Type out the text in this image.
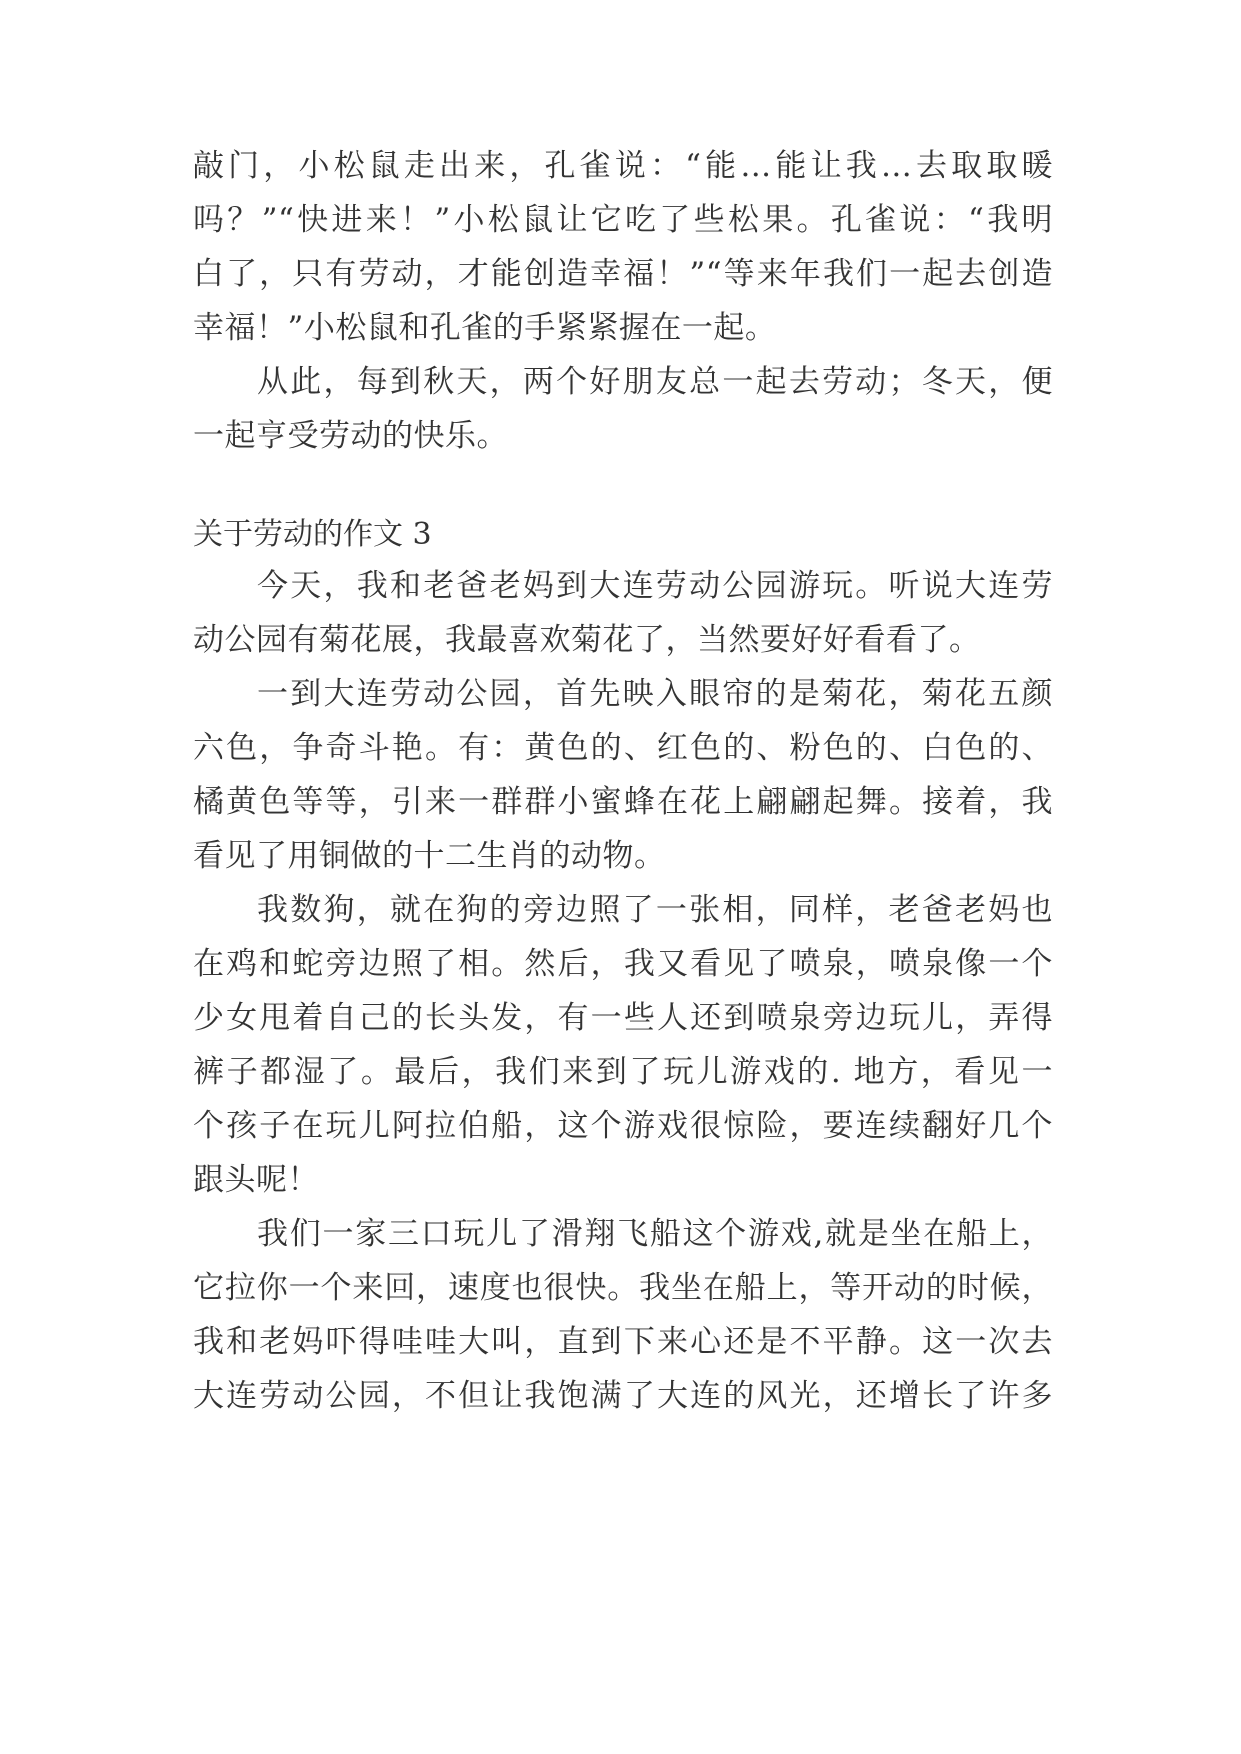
敲门，小松鼠走出来，孔雀说：“能…能让我…去取取暖
吗？”“快进来！”小松鼠让它吃了些松果。孔雀说：“我明
白了，只有劳动，才能创造幸福！”“等来年我们一起去创造
幸福！”小松鼠和孔雀的手紧紧握在一起。
从此，每到秋天，两个好朋友总一起去劳动；冬天，便
一起亨受劳动的快乐。
关于劳动的作文 3
今天，我和老爸老妈到大连劳动公园游玩。听说大连劳
动公园有菊花展，我最喜欢菊花了，当然要好好看看了。
一到大连劳动公园，首先映入眼帘的是菊花，菊花五颜
六色，争奇斗艳。有：黄色的、红色的、粉色的、白色的、
橘黄色等等，引来一群群小蜜蜂在花上翩翩起舞。接着，我
看见了用铜做的十二生肖的动物。
我数狗，就在狗的旁边照了一张相，同样，老爸老妈也
在鸡和蛇旁边照了相。然后，我又看见了喷泉，喷泉像一个
少女甩着自己的长头发，有一些人还到喷泉旁边玩儿，弄得
裤子都湿了。最后，我们来到了玩儿游戏的. 地方，看见一
个孩子在玩儿阿拉伯船，这个游戏很惊险，要连续翻好几个
跟头呢！
我们一家三口玩儿了滑翔飞船这个游戏,就是坐在船上，
它拉你一个来回，速度也很快。我坐在船上，等开动的时候，
我和老妈吓得哇哇大叫，直到下来心还是不平静。这一次去
大连劳动公园，不但让我饱满了大连的风光，还增长了许多
